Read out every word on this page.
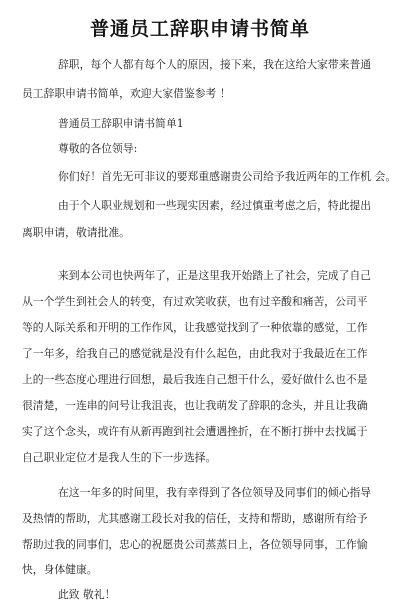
普通员工辞职申请书简单
辞职，每个人都有每个人的原因，接下来，我在这给大家带来普通
员工辞职申请书简单，欢迎大家借鉴参考 ！
普通员工辞职申请书简单1
尊敬的各位领导:
你们好！首先无可非议的要郑重感谢贵公司给予我近两年的工作机 会。
由于个人职业规划和一些现实因素，经过慎重考虑之后，特此提出
离职申请，敬请批准。
来到本公司也快两年了，正是这里我开始踏上了社会，完成了自己
从一个学生到社会人的转变，有过欢笑收获，也有过辛酸和痛苦，公司平
等的人际关系和开明的工作作风，让我感觉找到了一种依靠的感觉，工作
了一年多，给我自己的感觉就是没有什么起色，由此我对于我最近在工作
上的一些态度心理进行回想，最后我连自己想干什么，爱好做什么也不是
很清楚，一连串的问号让我沮丧，也让我萌发了辞职的念头，并且让我确
实了这个念头，或许有从新再跑到社会遭遇挫折，在不断打拼中去找属于
自己职业定位才是我人生的下一步选择。
在这一年多的时间里，我有幸得到了各位领导及同事们的倾心指导
及热情的帮助，尤其感谢工段长对我的信任，支持和帮助，感谢所有给予
帮助过我的同事们，忠心的祝愿贵公司蒸蒸日上，各位领导同事，工作愉
快，身体健康。
此致 敬礼！
